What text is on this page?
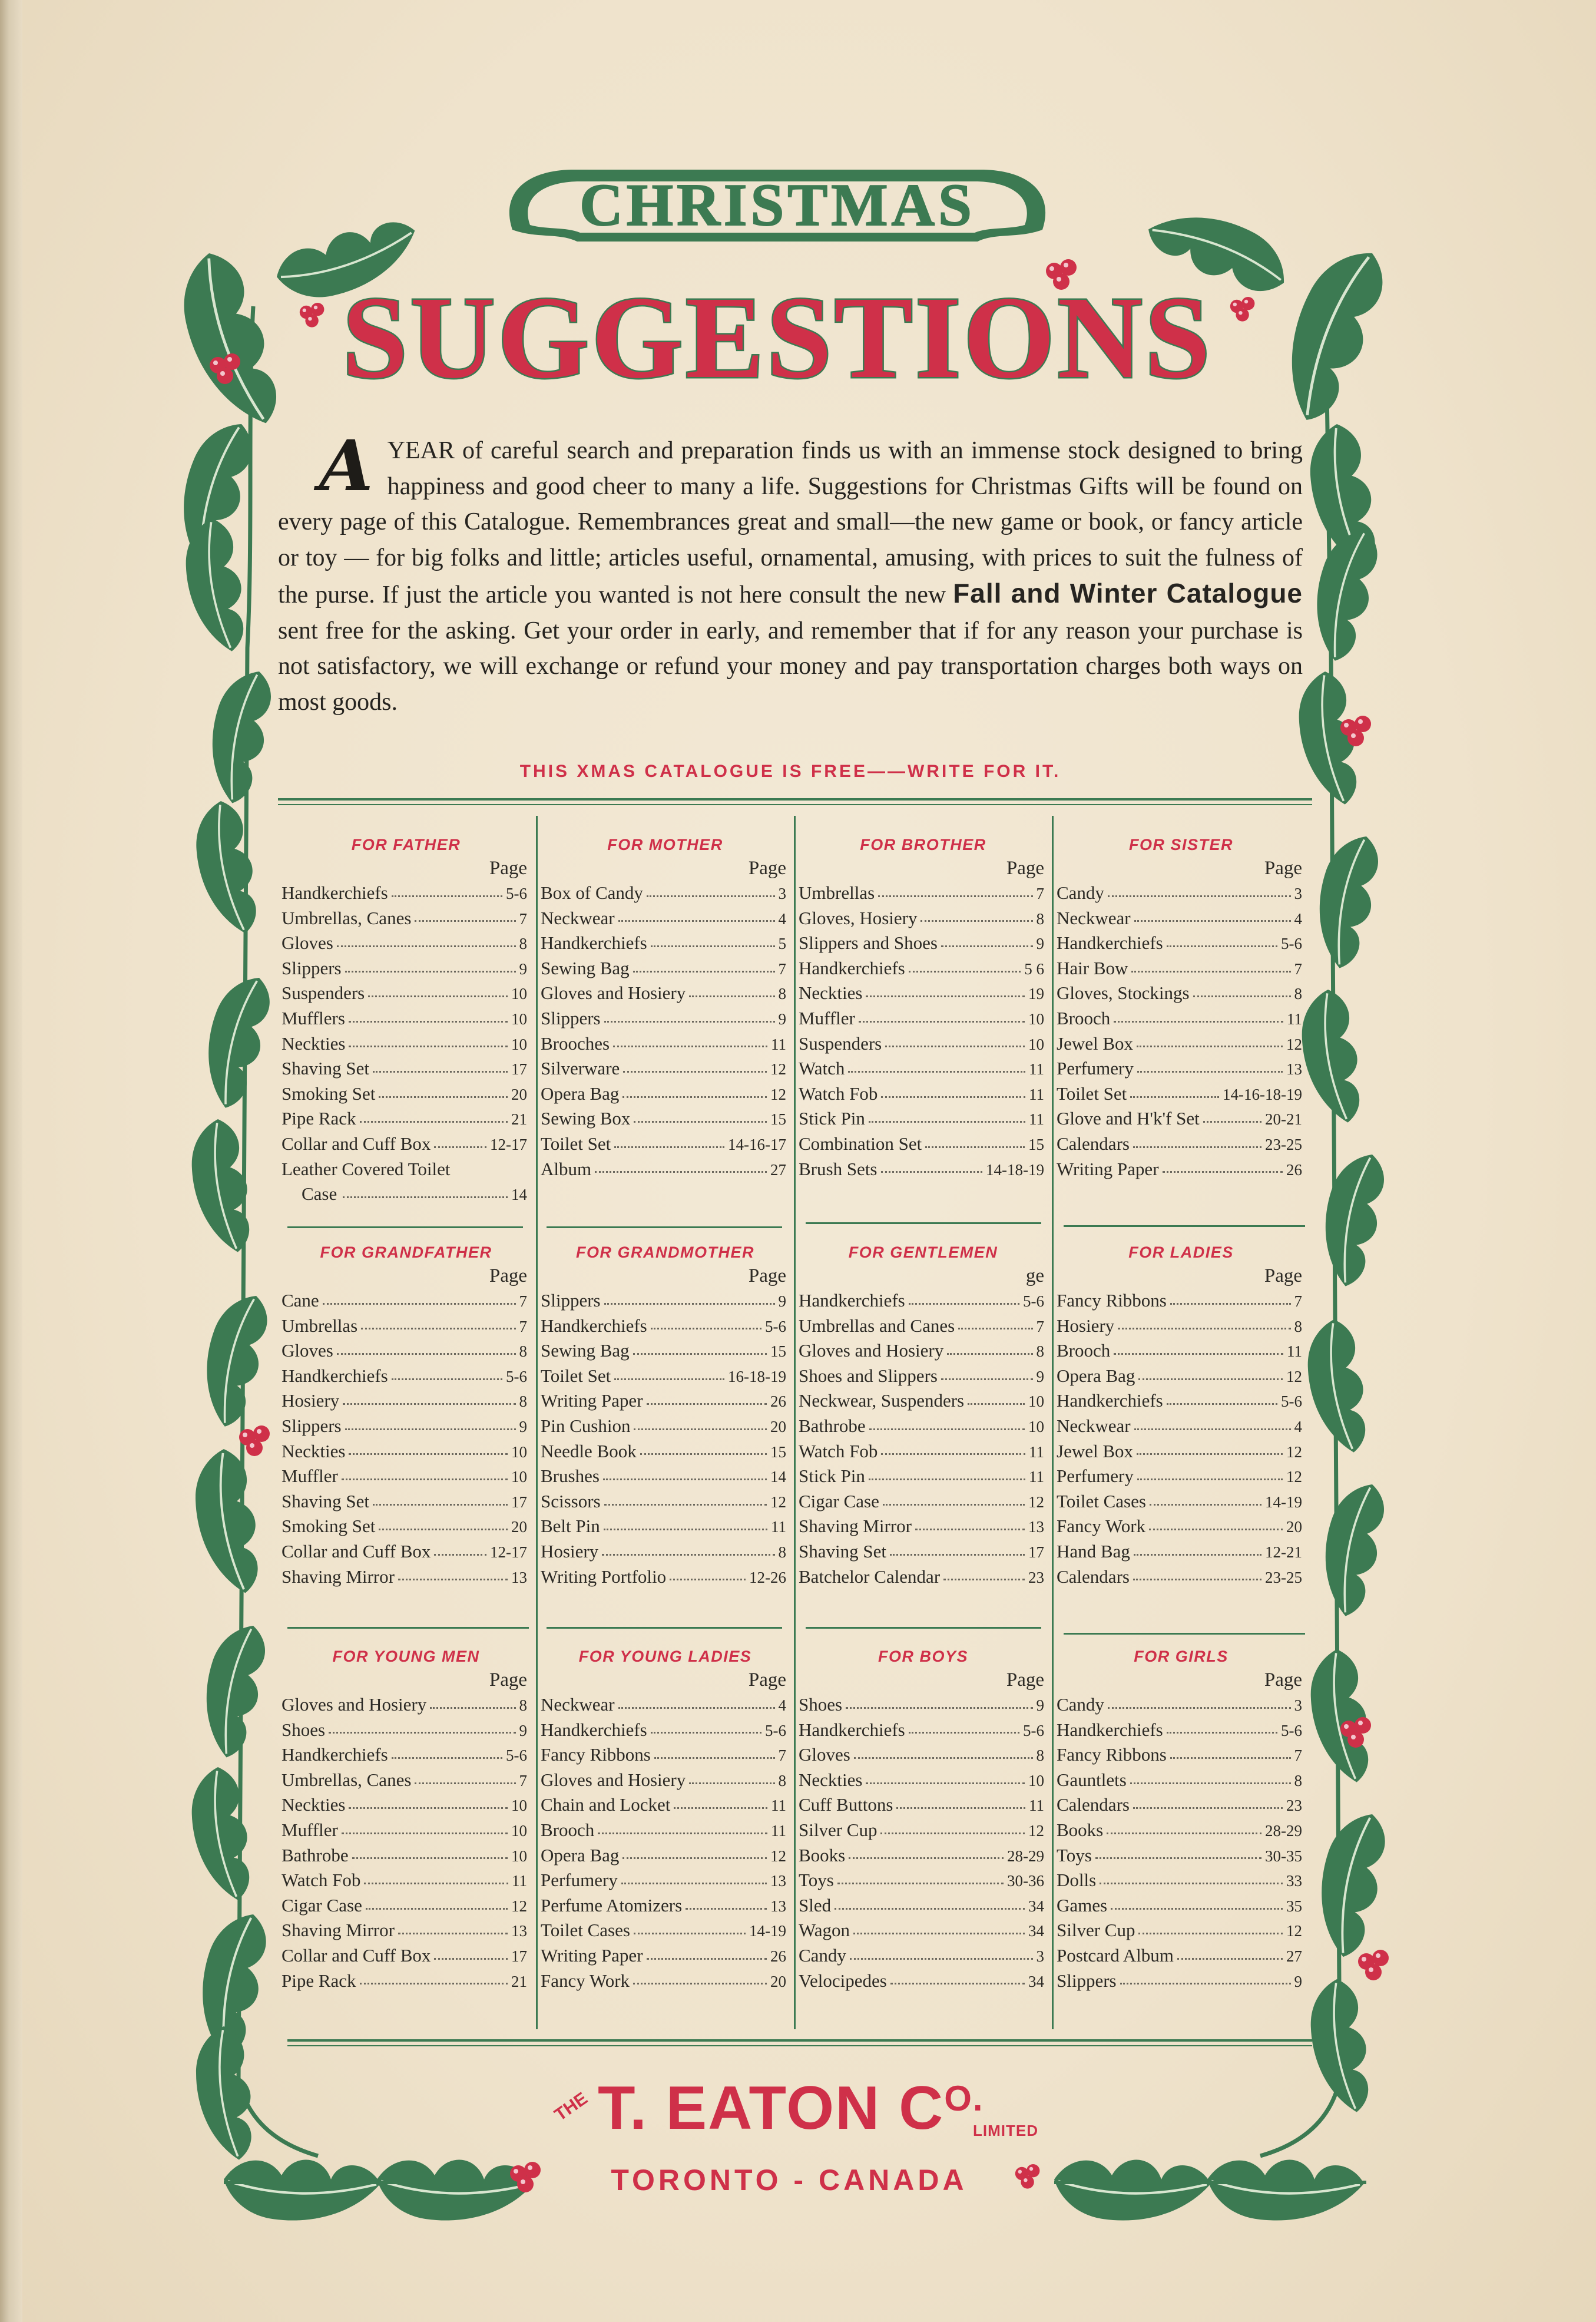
CHRISTMAS
SUGGESTIONS
A YEAR of careful search and preparation finds us with an immense stock designed to bring happiness and good cheer to many a life. Suggestions for Christmas Gifts will be found on every page of this Catalogue. Remembrances great and small—the new game or book, or fancy article or toy — for big folks and little; articles useful, ornamental, amusing, with prices to suit the fulness of the purse. If just the article you wanted is not here consult the new Fall and Winter Catalogue sent free for the asking. Get your order in early, and remember that if for any reason your purchase is not satisfactory, we will exchange or refund your money and pay transportation charges both ways on most goods.
THIS XMAS CATALOGUE IS FREE——WRITE FOR IT.
FOR FATHER
Page
Handkerchiefs	5-6
Umbrellas, Canes	7
Gloves	8
Slippers	9
Suspenders	10
Mufflers	10
Neckties	10
Shaving Set	17
Smoking Set	20
Pipe Rack	21
Collar and Cuff Box	12-17
Leather Covered Toilet
Case	14
FOR MOTHER
Page
Box of Candy	3
Neckwear	4
Handkerchiefs	5
Sewing Bag	7
Gloves and Hosiery	8
Slippers	9
Brooches	11
Silverware	12
Opera Bag	12
Sewing Box	15
Toilet Set	14-16-17
Album	27
FOR BROTHER
Page
Umbrellas	7
Gloves, Hosiery	8
Slippers and Shoes	9
Handkerchiefs	5 6
Neckties	19
Muffler	10
Suspenders	10
Watch	11
Watch Fob	11
Stick Pin	11
Combination Set	15
Brush Sets	14-18-19
FOR SISTER
Page
Candy	3
Neckwear	4
Handkerchiefs	5-6
Hair Bow	7
Gloves, Stockings	8
Brooch	11
Jewel Box	12
Perfumery	13
Toilet Set	14-16-18-19
Glove and H'k'f Set	20-21
Calendars	23-25
Writing Paper	26
FOR GRANDFATHER
Page
Cane	7
Umbrellas	7
Gloves	8
Handkerchiefs	5-6
Hosiery	8
Slippers	9
Neckties	10
Muffler	10
Shaving Set	17
Smoking Set	20
Collar and Cuff Box	12-17
Shaving Mirror	13
FOR GRANDMOTHER
Page
Slippers	9
Handkerchiefs	5-6
Sewing Bag	15
Toilet Set	16-18-19
Writing Paper	26
Pin Cushion	20
Needle Book	15
Brushes	14
Scissors	12
Belt Pin	11
Hosiery	8
Writing Portfolio	12-26
FOR GENTLEMEN
ge
Handkerchiefs	5-6
Umbrellas and Canes	7
Gloves and Hosiery	8
Shoes and Slippers	9
Neckwear, Suspenders	10
Bathrobe	10
Watch Fob	11
Stick Pin	11
Cigar Case	12
Shaving Mirror	13
Shaving Set	17
Batchelor Calendar	23
FOR LADIES
Page
Fancy Ribbons	7
Hosiery	8
Brooch	11
Opera Bag	12
Handkerchiefs	5-6
Neckwear	4
Jewel Box	12
Perfumery	12
Toilet Cases	14-19
Fancy Work	20
Hand Bag	12-21
Calendars	23-25
FOR YOUNG MEN
Page
Gloves and Hosiery	8
Shoes	9
Handkerchiefs	5-6
Umbrellas, Canes	7
Neckties	10
Muffler	10
Bathrobe	10
Watch Fob	11
Cigar Case	12
Shaving Mirror	13
Collar and Cuff Box	17
Pipe Rack	21
FOR YOUNG LADIES
Page
Neckwear	4
Handkerchiefs	5-6
Fancy Ribbons	7
Gloves and Hosiery	8
Chain and Locket	11
Brooch	11
Opera Bag	12
Perfumery	13
Perfume Atomizers	13
Toilet Cases	14-19
Writing Paper	26
Fancy Work	20
FOR BOYS
Page
Shoes	9
Handkerchiefs	5-6
Gloves	8
Neckties	10
Cuff Buttons	11
Silver Cup	12
Books	28-29
Toys	30-36
Sled	34
Wagon	34
Candy	3
Velocipedes	34
FOR GIRLS
Page
Candy	3
Handkerchiefs	5-6
Fancy Ribbons	7
Gauntlets	8
Calendars	23
Books	28-29
Toys	30-35
Dolls	33
Games	35
Silver Cup	12
Postcard Album	27
Slippers	9
THE T. EATON $C^{O.}$
LIMITED
TORONTO - CANADA
